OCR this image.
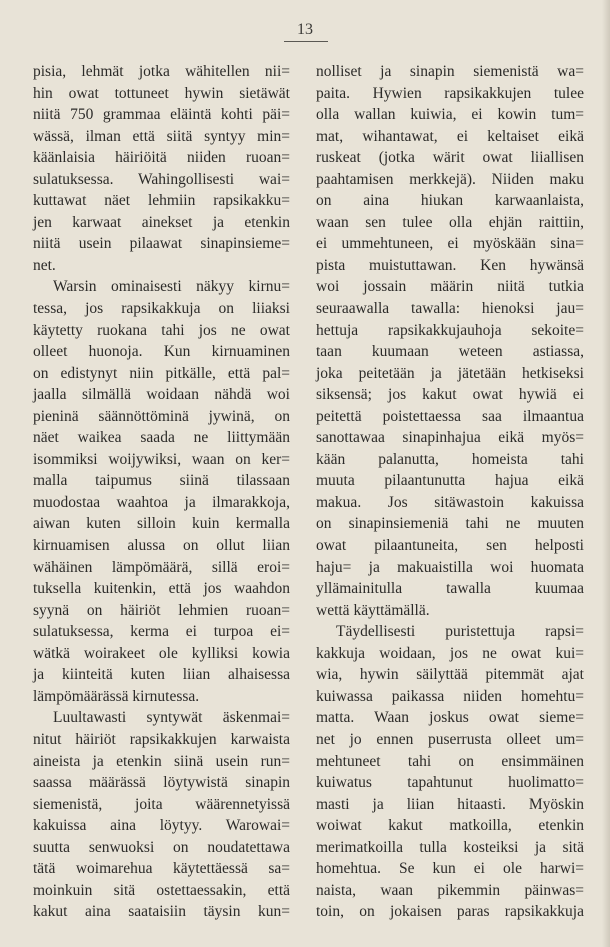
13
pisia, lehmät jotka wähitellen nii=
hin owat tottuneet hywin sietäwät
niitä 750 grammaa eläintä kohti päi=
wässä, ilman että siitä syntyy min=
käänlaisia häiriöitä niiden ruoan=
sulatuksessa. Wahingollisesti wai=
kuttawat näet lehmiin rapsikakku=
jen karwaat ainekset ja etenkin
niitä usein pilaawat sinapinsieme=
net.
Warsin ominaisesti näkyy kirnu=
tessa, jos rapsikakkuja on liiaksi
käytetty ruokana tahi jos ne owat
olleet huonoja. Kun kirnuaminen
on edistynyt niin pitkälle, että pal=
jaalla silmällä woidaan nähdä woi
pieninä säännöttöminä jywinä, on
näet waikea saada ne liittymään
isommiksi woijywiksi, waan on ker=
malla taipumus siinä tilassaan
muodostaa waahtoa ja ilmarakkoja,
aiwan kuten silloin kuin kermalla
kirnuamisen alussa on ollut liian
wähäinen lämpömäärä, sillä eroi=
tuksella kuitenkin, että jos waahdon
syynä on häiriöt lehmien ruoan=
sulatuksessa, kerma ei turpoa ei=
wätkä woirakeet ole kylliksi kowia
ja kiinteitä kuten liian alhaisessa
lämpömäärässä kirnutessa.
Luultawasti syntywät äskenmai=
nitut häiriöt rapsikakkujen karwaista
aineista ja etenkin siinä usein run=
saassa määrässä löytywistä sinapin
siemenistä, joita wäärennetyissä
kakuissa aina löytyy. Warowai=
suutta senwuoksi on noudatettawa
tätä woimarehua käytettäessä sa=
moinkuin sitä ostettaessakin, että
kakut aina saataisiin täysin kun=
nolliset ja sinapin siemenistä wa=
paita. Hywien rapsikakkujen tulee
olla wallan kuiwia, ei kowin tum=
mat, wihantawat, ei keltaiset eikä
ruskeat (jotka wärit owat liiallisen
paahtamisen merkkejä). Niiden maku
on aina hiukan karwaanlaista,
waan sen tulee olla ehjän raittiin,
ei ummehtuneen, ei myöskään sina=
pista muistuttawan. Ken hywänsä
woi jossain määrin niitä tutkia
seuraawalla tawalla: hienoksi jau=
hettuja rapsikakkujauhoja sekoite=
taan kuumaan weteen astiassa,
joka peitetään ja jätetään hetkiseksi
siksensä; jos kakut owat hywiä ei
peitettä poistettaessa saa ilmaantua
sanottawaa sinapinhajua eikä myös=
kään palanutta, homeista tahi
muuta pilaantunutta hajua eikä
makua. Jos sitäwastoin kakuissa
on sinapinsiemeniä tahi ne muuten
owat pilaantuneita, sen helposti
haju= ja makuaistilla woi huomata
yllämainitulla tawalla kuumaa
wettä käyttämällä.
Täydellisesti puristettuja rapsi=
kakkuja woidaan, jos ne owat kui=
wia, hywin säilyttää pitemmät ajat
kuiwassa paikassa niiden homehtu=
matta. Waan joskus owat sieme=
net jo ennen puserrusta olleet um=
mehtuneet tahi on ensimmäinen
kuiwatus tapahtunut huolimatto=
masti ja liian hitaasti. Myöskin
woiwat kakut matkoilla, etenkin
merimatkoilla tulla kosteiksi ja sitä
homehtua. Se kun ei ole harwi=
naista, waan pikemmin päinwas=
toin, on jokaisen paras rapsikakkuja
